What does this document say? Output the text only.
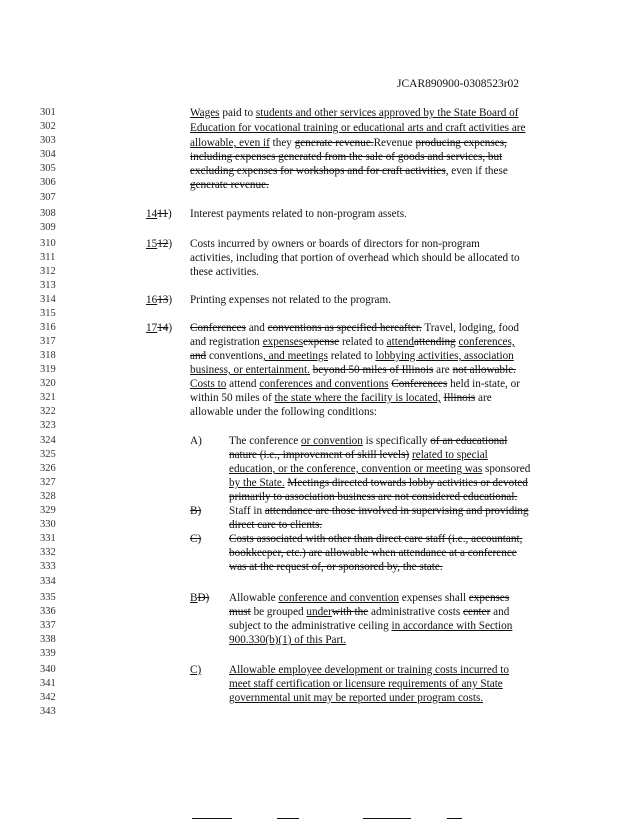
JCAR890900-0308523r02
301
302
303
304
305
306
307
308
309
310
311
312
313
314
315
316
317
318
319
320
321
322
323
324
325
326
327
328
329
330
331
332
333
334
335
336
337
338
339
340
341
342
343
Wages paid to students and other services approved by the State Board of
Education for vocational training or educational arts and craft activities are
allowable, even if they generate revenue.Revenue producing expenses,
including expenses generated from the sale of goods and services, but
excluding expenses for workshops and for craft activities, even if these
generate revenue.
1411) Interest payments related to non-program assets.
1512) Costs incurred by owners or boards of directors for non-program
activities, including that portion of overhead which should be allocated to
these activities.
1613) Printing expenses not related to the program.
1714) Conferences and conventions as specified hereafter. Travel, lodging, food
and registration expensesexpense related to attendattending conferences,
and conventions, and meetings related to lobbying activities, association
business, or entertainment. beyond 50 miles of Illinois are not allowable.
Costs to attend conferences and conventions Conferences held in-state, or
within 50 miles of the state where the facility is located, Illinois are
allowable under the following conditions:
A) The conference or convention is specifically of an educational
nature (i.e., improvement of skill levels) related to special
education, or the conference, convention or meeting was sponsored
by the State. Meetings directed towards lobby activities or devoted
primarily to association business are not considered educational.
B) Staff in attendance are those involved in supervising and providing
direct care to clients.
C) Costs associated with other than direct care staff (i.e., accountant,
bookkeeper, etc.) are allowable when attendance at a conference
was at the request of, or sponsored by, the state.
BD) Allowable conference and convention expenses shall expenses
must be grouped underwith the administrative costs center and
subject to the administrative ceiling in accordance with Section
900.330(b)(1) of this Part.
C) Allowable employee development or training costs incurred to
meet staff certification or licensure requirements of any State
governmental unit may be reported under program costs.
